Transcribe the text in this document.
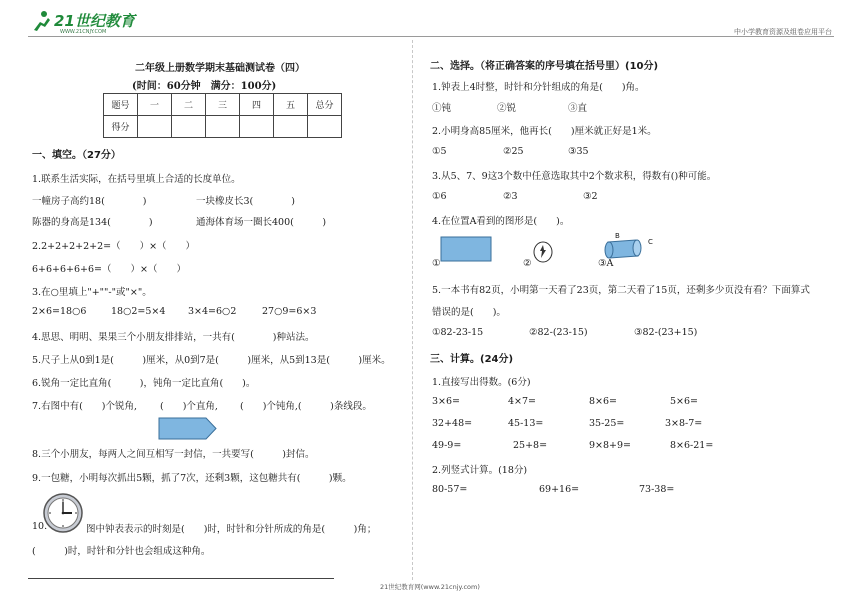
21世纪教育
WWW.21CNJY.COM	中小学教育资源及组卷应用平台
二年级上册数学期末基础测试卷（四）
(时间：60分钟　满分：100分)
题号	一	二	三	四	五	总分
得分						
一、填空。（27分）
1.联系生活实际，在括号里填上合适的长度单位。
一幢房子高约18(　　　　)	一块橡皮长3(　　　　)
陈器的身高是134(　　　　)	通海体育场一圈长400(　　　)
2.2+2+2+2+2=（　　）×（　　）
6+6+6+6+6=（　　）×（　　）
3.在○里填上"+""-"或"×"。
2×6=18○6	18○2=5×4 3×4=6○2	27○9=6×3
4.思思、明明、果果三个小朋友排排站，一共有(　　　　)种站法。
5.尺子上从0到1是(　　　)厘米，从0到7是(　　　)厘米，从5到13是(　　　)厘米。
6.锐角一定比直角(　　　)，钝角一定比直角(　　)。
7.右图中有(　　)个锐角, (　　)个直角, (　　)个钝角,(　　　)条线段。
8.三个小朋友，每两人之间互相写一封信，一共要写(　　　)封信。
9.一包糖，小明每次抓出5颗，抓了7次，还剩3颗，这包糖共有(　　　)颗。
10.	图中钟表表示的时刻是(　　)时，时针和分针所成的角是(　　　)角；
(　　　)时，时针和分针也会组成这种角。
二、选择。（将正确答案的序号填在括号里）(10分)
1.钟表上4时整，时针和分针组成的角是(　　)角。
①钝	②锐	③直
2.小明身高85厘米，他再长(　　)厘米就正好是1米。
①5	②25	③35
3.从5、7、9这3个数中任意选取其中2个数求积，得数有()种可能。
①6	②3	③2
4.在位置A看到的图形是(　　)。
①	②
B
C
③A
5.一本书有82页，小明第一天看了23页，第二天看了15页，还剩多少页没有看？下面算式
错误的是(　　)。
①82-23-15	②82-(23-15)	③82-(23+15)
三、计算。(24分)
1.直接写出得数。(6分)
3×6=	4×7=	8×6=	5×6=
32+48=	45-13=	35-25=	3×8-7=
49-9=	25+8=	9×8+9=	8×6-21=
2.列竖式计算。(18分)
80-57=	69+16=	73-38=
21世纪教育网(www.21cnjy.com)
